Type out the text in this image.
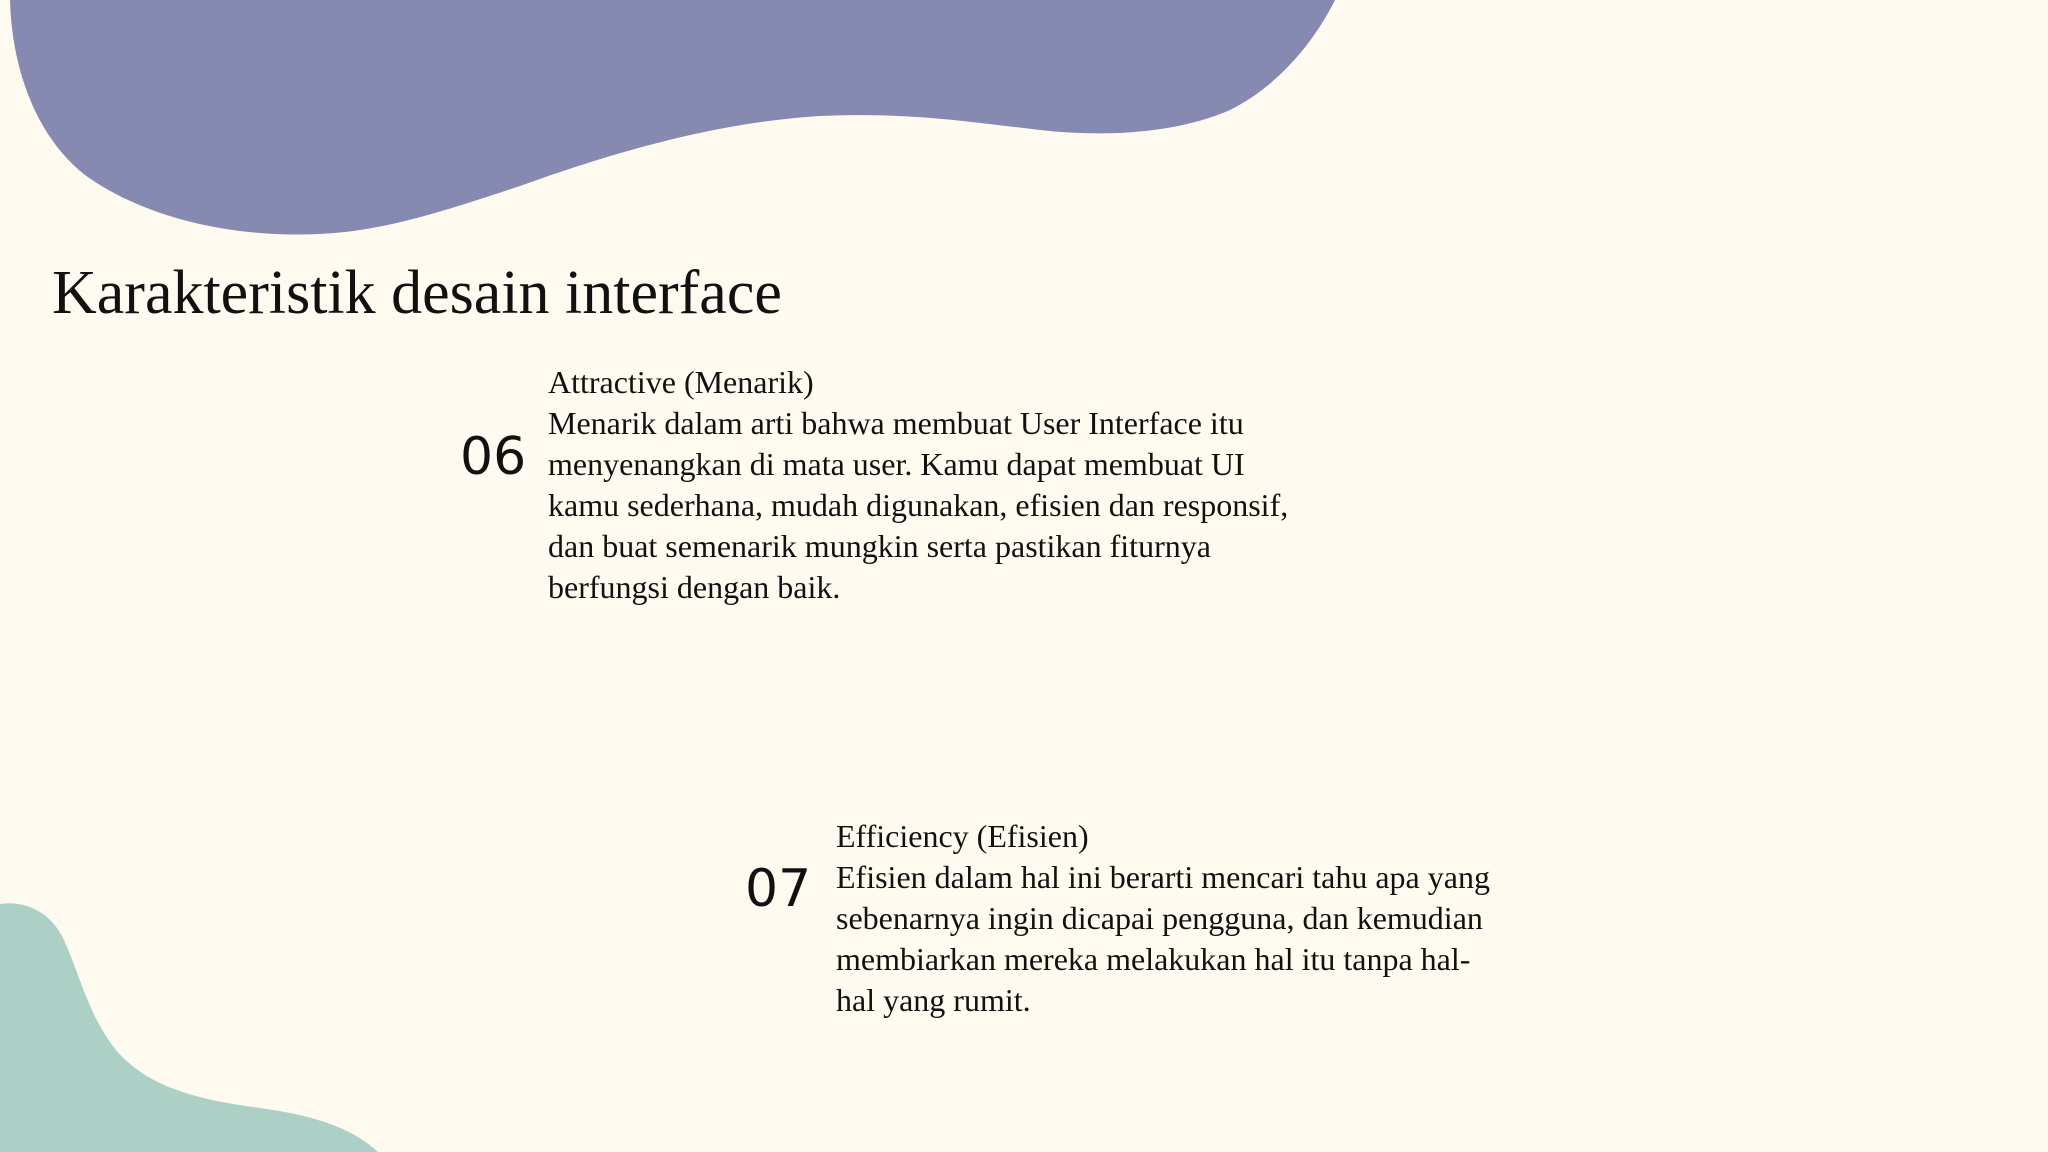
Karakteristik desain interface
06
Attractive (Menarik)
Menarik dalam arti bahwa membuat User Interface itu
menyenangkan di mata user. Kamu dapat membuat UI
kamu sederhana, mudah digunakan, efisien dan responsif,
dan buat semenarik mungkin serta pastikan fiturnya
berfungsi dengan baik.
07
Efficiency (Efisien)
Efisien dalam hal ini berarti mencari tahu apa yang
sebenarnya ingin dicapai pengguna, dan kemudian
membiarkan mereka melakukan hal itu tanpa hal-
hal yang rumit.
